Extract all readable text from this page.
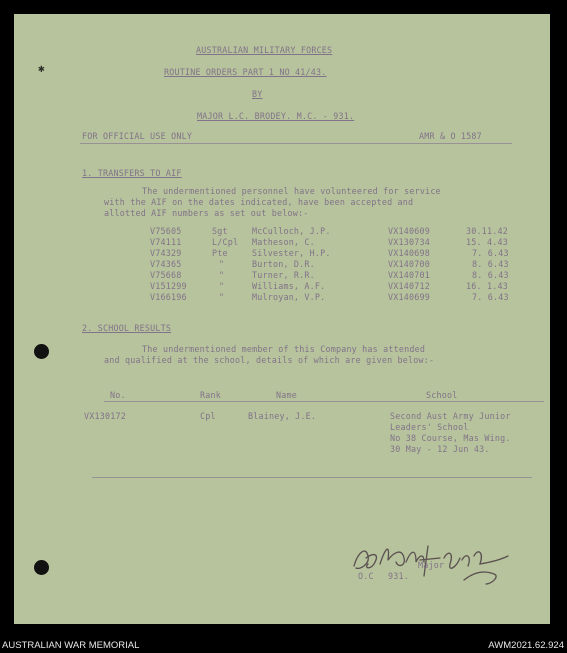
AUSTRALIAN MILITARY FORCES
✱	ROUTINE ORDERS PART 1 NO 41/43.
BY
MAJOR L.C. BRODEY. M.C. - 931.
FOR OFFICIAL USE ONLY	AMR & O 1587
1. TRANSFERS TO AIF
The undermentioned personnel have volunteered for service
with the AIF on the dates indicated, have been accepted and
allotted AIF numbers as set out below:-
V75605	Sgt	McCulloch, J.P.	VX140609	30.11.42
V74111	L/Cpl Matheson, C.	VX130734	15. 4.43
V74329	Pte	Silvester, H.P.	VX140698	7. 6.43
V74365	"	Burton, D.R.	VX140700	8. 6.43
V75668	"	Turner, R.R.	VX140701	8. 6.43
V151299	"	Williams, A.F.	VX140712	16. 1.43
V166196	"	Mulroyan, V.P.	VX140699	7. 6.43
2. SCHOOL RESULTS
The undermentioned member of this Company has attended
and qualified at the school, details of which are given below:-
No.	Rank	Name	School
VX130172	Cpl	Blainey, J.E.	Second Aust Army Junior
Leaders' School
No 38 Course, Mas Wing.
30 May - 12 Jun 43.
Major
O.C 931.
AUSTRALIAN WAR MEMORIAL	AWM2021.62.924
